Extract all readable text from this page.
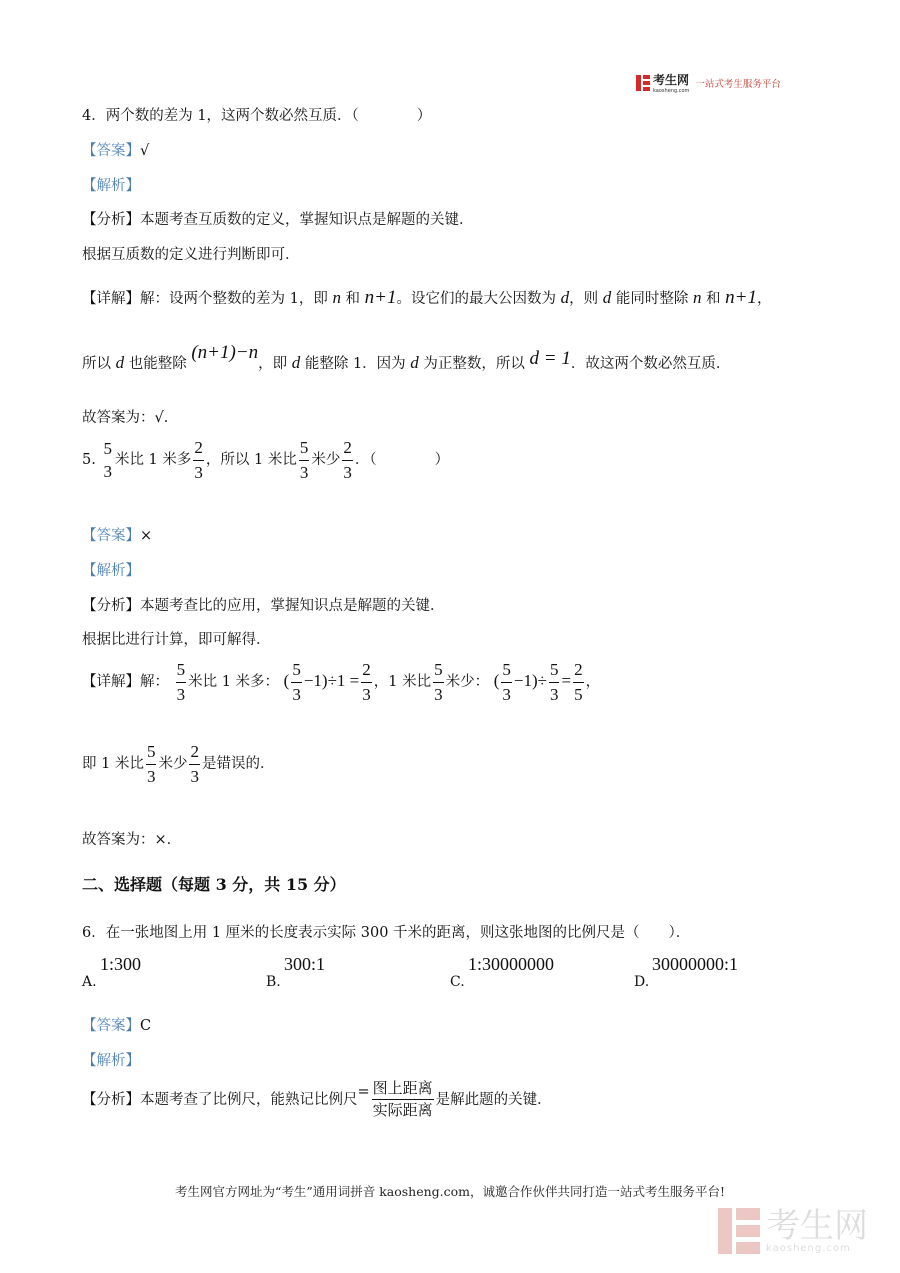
考生网
kaosheng.com
一站式考生服务平台
4．两个数的差为 1，这两个数必然互质．（　　　　）
【答案】√
【解析】
【分析】本题考查互质数的定义，掌握知识点是解题的关键．
根据互质数的定义进行判断即可．
【详解】解：设两个整数的差为 1，即 n 和 n+1。设它们的最大公因数为 d，则 d 能同时整除 n 和 n+1，
所以 d 也能整除 (n+1)−n，即 d 能整除 1．因为 d 为正整数，所以 d = 1．故这两个数必然互质．
故答案为：√．
5.
5
3
米比 1 米多 $\frac{2}{3}$ ，所以 1 米比 $\frac{5}{3}$ 米少 $\frac{2}{3}$ ．（　　　　）
【答案】×
【解析】
【分析】本题考查比的应用，掌握知识点是解题的关键．
根据比进行计算，即可解得．
【详解】解： $\frac{5}{3}$ 米比 1 米多： ( $\frac{5}{3} -1)\div 1 = \frac{2}{3}$ ，1 米比 $\frac{5}{3}$ 米少： ( $\frac{5}{3} -1)\div \frac{5}{3} = \frac{2}{5}$ ，
即 1 米比 $\frac{5}{3}$ 米少 $\frac{2}{3}$ 是错误的．
故答案为：×．
二、选择题（每题 3 分，共 15 分）
6．在一张地图上用 1 厘米的长度表示实际 300 千米的距离，则这张地图的比例尺是（　　）．
A.
1:300
B.
300:1
C.
1:30000000
D.
30000000:1
【答案】C
【解析】
【分析】本题考查了比例尺，能熟记比例尺= $\frac{\text{图上距离}}{\text{实际距离}}$ 是解此题的关键．
考生网官方网址为“考生”通用词拼音 kaosheng.com，诚邀合作伙伴共同打造一站式考生服务平台!
考生网
kaosheng.com
